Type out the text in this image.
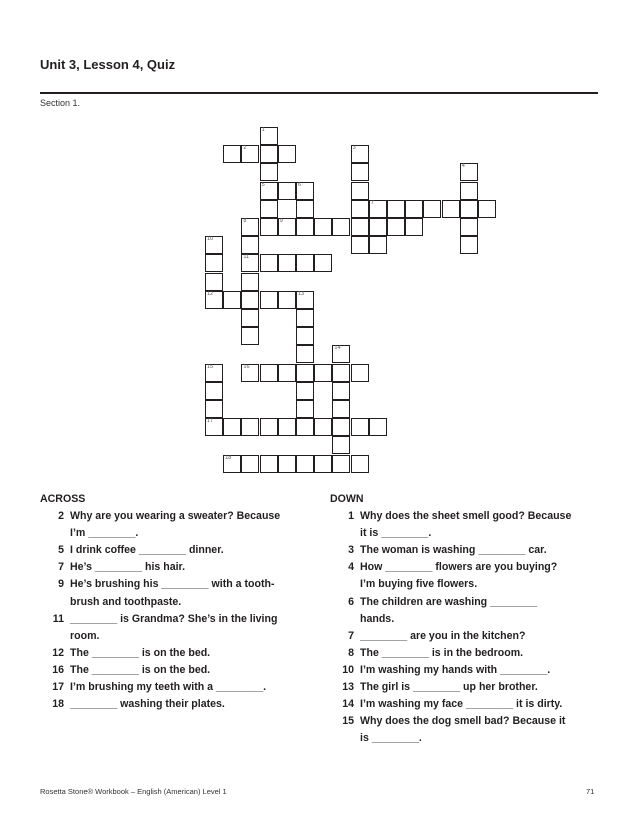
Unit 3, Lesson 4, Quiz
Section 1.
2
5	6
7
8	9
11
12	13
16
17
18
1
3
4
10
14
15
ACROSS
2 Why are you wearing a sweater? Because
I’m ________.
5 I drink coffee ________ dinner.
7 He’s ________ his hair.
9 He’s brushing his ________ with a tooth-
brush and toothpaste.
11 ________ is Grandma? She’s in the living
room.
12 The ________ is on the bed.
16 The ________ is on the bed.
17 I’m brushing my teeth with a ________.
18 ________ washing their plates.
DOWN
1 Why does the sheet smell good? Because
it is ________.
3 The woman is washing ________ car.
4 How ________ flowers are you buying?
I’m buying five flowers.
6 The children are washing ________
hands.
7 ________ are you in the kitchen?
8 The ________ is in the bedroom.
10 I’m washing my hands with ________.
13 The girl is ________ up her brother.
14 I’m washing my face ________ it is dirty.
15 Why does the dog smell bad? Because it
is ________.
Rosetta Stone® Workbook – English (American) Level 1	71
